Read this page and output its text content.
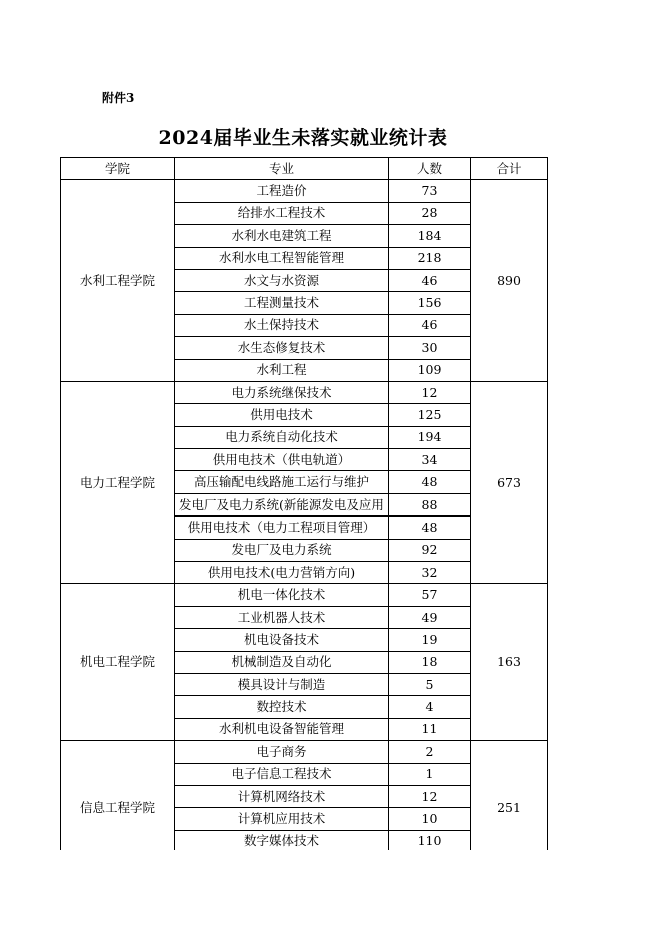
附件3
2024届毕业生未落实就业统计表
学院	专业	人数	合计
水利工程学院	工程造价	73	890
	给排水工程技术	28	
	水利水电建筑工程	184	
	水利水电工程智能管理	218	
	水文与水资源	46	
	工程测量技术	156	
	水土保持技术	46	
	水生态修复技术	30	
	水利工程	109	
电力工程学院	电力系统继保技术	12	673
	供用电技术	125	
	电力系统自动化技术	194	
	供用电技术（供电轨道）	34	
	高压输配电线路施工运行与维护	48	
	发电厂及电力系统(新能源发电及应用	88	
	供用电技术（电力工程项目管理）	48	
	发电厂及电力系统	92	
	供用电技术(电力营销方向)	32	
机电工程学院	机电一体化技术	57	163
	工业机器人技术	49	
	机电设备技术	19	
	机械制造及自动化	18	
	模具设计与制造	5	
	数控技术	4	
	水利机电设备智能管理	11	
信息工程学院	电子商务	2	251
	电子信息工程技术	1	
	计算机网络技术	12	
	计算机应用技术	10	
	数字媒体技术	110	
